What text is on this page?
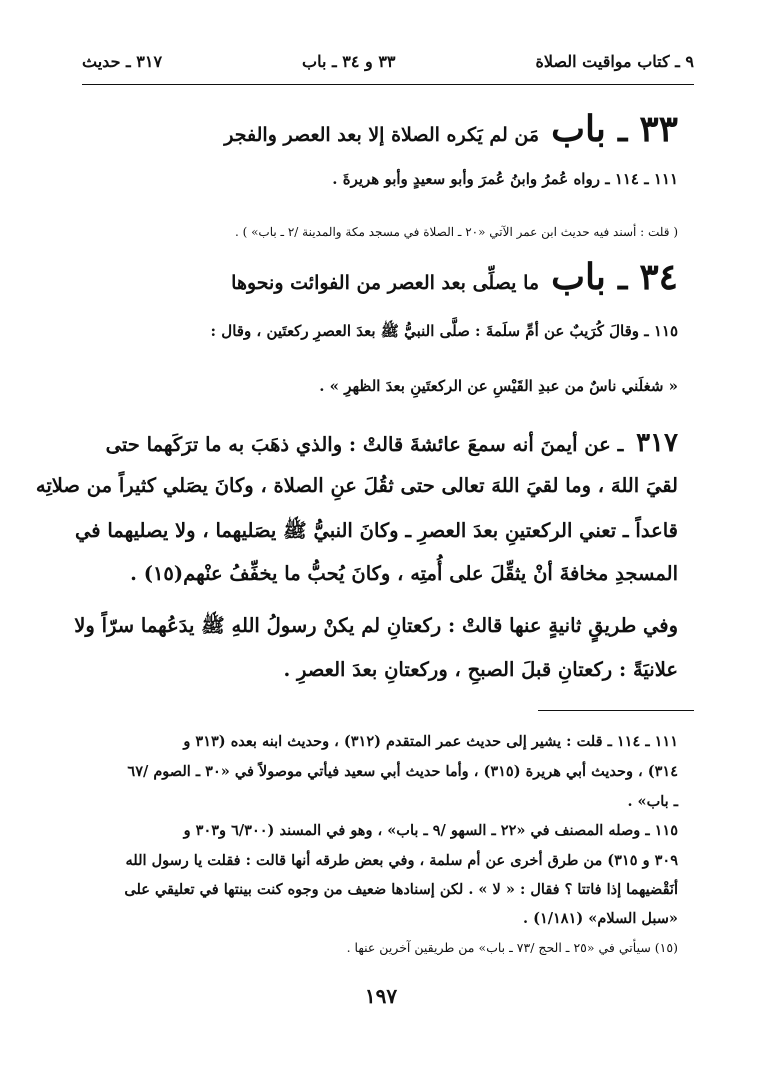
٩ ـ كتاب مواقيت الصلاة
٣٣ و ٣٤ ـ باب
٣١٧ ـ حديث
٣٣
ـ
باب
مَن لم يَكره الصلاة إلا بعد العصر والفجر
١١١ ـ ١١٤ ـ رواه عُمرُ وابنُ عُمرَ وأبو سعيدٍ وأبو هريرةَ .
( قلت : أسند فيه حديث ابن عمر الآتي «٢٠ ـ الصلاة في مسجد مكة والمدينة /٢ ـ باب» ) .
٣٤
ـ
باب
ما يصلِّى بعد العصر من الفوائت ونحوها
١١٥ ـ وقالَ كُرَيبٌ عن أمِّ سلَمةَ : صلَّى النبيُّ ﷺ بعدَ العصرِ ركعتَين ، وقال :
« شغلَني ناسٌ من عبدِ القَيْسِ عن الركعتَينِ بعدَ الظهرِ » .
٣١٧ ـ عن أيمنَ أنه سمعَ عائشةَ قالتْ : والذي ذهَبَ به ما ترَكَهما حتى
لقيَ اللهَ ، وما لقيَ اللهَ تعالى حتى ثقُلَ عنِ الصلاة ، وكانَ يصَلي كثيراً من صلاتِه
قاعداً ـ تعني الركعتينِ بعدَ العصرِ ـ وكانَ النبيُّ ﷺ يصَليهما ، ولا يصليهما في
المسجدِ مخافةَ أنْ يثقِّلَ على أُمتِه ، وكانَ يُحبُّ ما يخفِّفُ عنْهم(١٥) .
وفي طريقٍ ثانيةٍ عنها قالتْ : ركعتانِ لم يكنْ رسولُ اللهِ ﷺ يدَعُهما سرّاً ولا
علانيَةً : ركعتانِ قبلَ الصبحِ ، وركعتانِ بعدَ العصرِ .
١١١ ـ ١١٤ ـ قلت : يشير إلى حديث عمر المتقدم (٣١٢) ، وحديث ابنه بعده (٣١٣ و
٣١٤) ، وحديث أبي هريرة (٣١٥) ، وأما حديث أبي سعيد فيأتي موصولاً في «٣٠ ـ الصوم /٦٧
ـ باب» .
١١٥ ـ وصله المصنف في «٢٢ ـ السهو /٩ ـ باب» ، وهو في المسند (٦/٣٠٠ و٣٠٣ و
٣٠٩ و ٣١٥) من طرق أخرى عن أم سلمة ، وفي بعض طرقه أنها قالت : فقلت يا رسول الله
أنَقْضيهما إذا فاتتا ؟ فقال : « لا » . لكن إسنادها ضعيف من وجوه كنت بينتها في تعليقي على
«سبل السلام» (١/١٨١) .
(١٥) سيأتي في «٢٥ ـ الحج /٧٣ ـ باب» من طريقين آخرين عنها .
١٩٧
